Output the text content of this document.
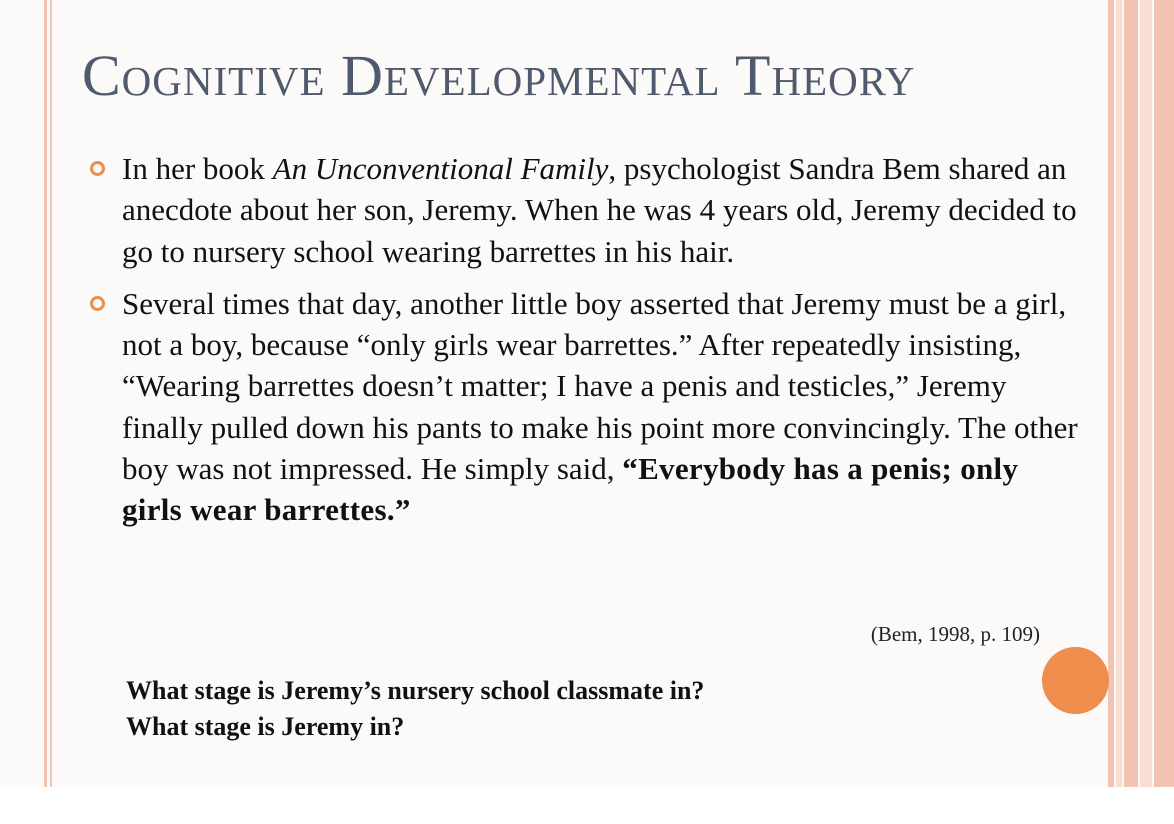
Cognitive Developmental Theory
In her book An Unconventional Family, psychologist Sandra Bem shared an anecdote about her son, Jeremy. When he was 4 years old, Jeremy decided to go to nursery school wearing barrettes in his hair.
Several times that day, another little boy asserted that Jeremy must be a girl, not a boy, because “only girls wear barrettes.” After repeatedly insisting, “Wearing barrettes doesn’t matter; I have a penis and testicles,” Jeremy finally pulled down his pants to make his point more convincingly. The other boy was not impressed. He simply said, “Everybody has a penis; only girls wear barrettes.”
(Bem, 1998, p. 109)
What stage is Jeremy’s nursery school classmate in?
What stage is Jeremy in?
